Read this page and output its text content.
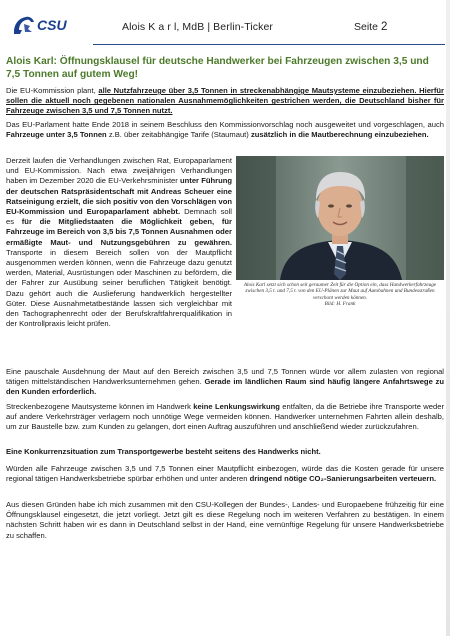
CSU	Alois K a r l, MdB | Berlin-Ticker	Seite 2
Alois Karl: Öffnungsklausel für deutsche Handwerker bei Fahrzeugen zwischen 3,5 und 7,5 Tonnen auf gutem Weg!

Die EU-Kommission plant, alle Nutzfahrzeuge über 3,5 Tonnen in streckenabhängige Mautsysteme einzubeziehen. Hierfür sollen die aktuell noch gegebenen nationalen Ausnahmemöglichkeiten gestrichen werden, die Deutschland bisher für Fahrzeuge zwischen 3,5 und 7,5 Tonnen nutzt.

Das EU-Parlament hatte Ende 2018 in seinem Beschluss den Kommissionvorschlag noch ausgeweitet und vorgeschlagen, auch Fahrzeuge unter 3,5 Tonnen z.B. über zeitabhängige Tarife (Staumaut) zusätzlich in die Mautberechnung einzubeziehen.

Derzeit laufen die Verhandlungen zwischen Rat, Europaparlament und EU-Kommission. Nach etwa zweijährigen Verhandlungen haben im Dezember 2020 die EU-Verkehrsminister unter Führung der deutschen Ratspräsidentschaft mit Andreas Scheuer eine Ratseinigung erzielt, die sich positiv von den Vorschlägen von EU-Kommission und Europaparlament abhebt. Demnach soll es für die Mitgliedstaaten die Möglichkeit geben, für Fahrzeuge im Bereich von 3,5 bis 7,5 Tonnen Ausnahmen oder ermäßigte Maut- und Nutzungsgebühren zu gewähren. Transporte in diesem Bereich sollen von der Mautpflicht ausgenommen werden können, wenn die Fahrzeuge dazu genutzt werden, Material, Ausrüstungen oder Maschinen zu befördern, die der Fahrer zur Ausübung seiner beruflichen Tätigkeit benötigt. Dazu gehört auch die Auslieferung handwerklich hergestellter Güter. Diese Ausnahmetatbestände lassen sich vergleichbar mit den Tachographenrecht oder der Berufskraftfahrerqualifikation in der Kontrollpraxis leicht prüfen.

Alois Karl setzt sich schon seit geraumer Zeit für die Option ein, dass Handwerkerfahrzeuge zwischen 3,5 t. und 7,5 t. von den EU-Plänen zur Maut auf Autobahnen und Bundesstraßen verschont werden können.
Bild: H. Frank

Eine pauschale Ausdehnung der Maut auf den Bereich zwischen 3,5 und 7,5 Tonnen würde vor allem zulasten von regional tätigen mittelständischen Handwerksunternehmen gehen. Gerade im ländlichen Raum sind häufig längere Anfahrtswege zu den Kunden erforderlich.

Streckenbezogene Mautsysteme können im Handwerk keine Lenkungswirkung entfalten, da die Betriebe ihre Transporte weder auf andere Verkehrsträger verlagern noch unnötige Wege vermeiden können. Handwerker unternehmen Fahrten allein deshalb, um zur Baustelle bzw. zum Kunden zu gelangen, dort einen Auftrag auszuführen und anschließend wieder zurückzufahren.

Eine Konkurrenzsituation zum Transportgewerbe besteht seitens des Handwerks nicht.

Würden alle Fahrzeuge zwischen 3,5 und 7,5 Tonnen einer Mautpflicht einbezogen, würde das die Kosten gerade für unsere regional tätigen Handwerksbetriebe spürbar erhöhen und unter anderen dringend nötige CO₂-Sanierungsarbeiten verteuern.

Aus diesen Gründen habe ich mich zusammen mit den CSU-Kollegen der Bundes-, Landes- und Europaebene frühzeitig für eine Öffnungsklausel eingesetzt, die jetzt vorliegt. Jetzt gilt es diese Regelung noch im weiteren Verfahren zu bestätigen. In einem nächsten Schritt haben wir es dann in Deutschland selbst in der Hand, eine vernünftige Regelung für unsere Handwerksbetriebe zu schaffen.
